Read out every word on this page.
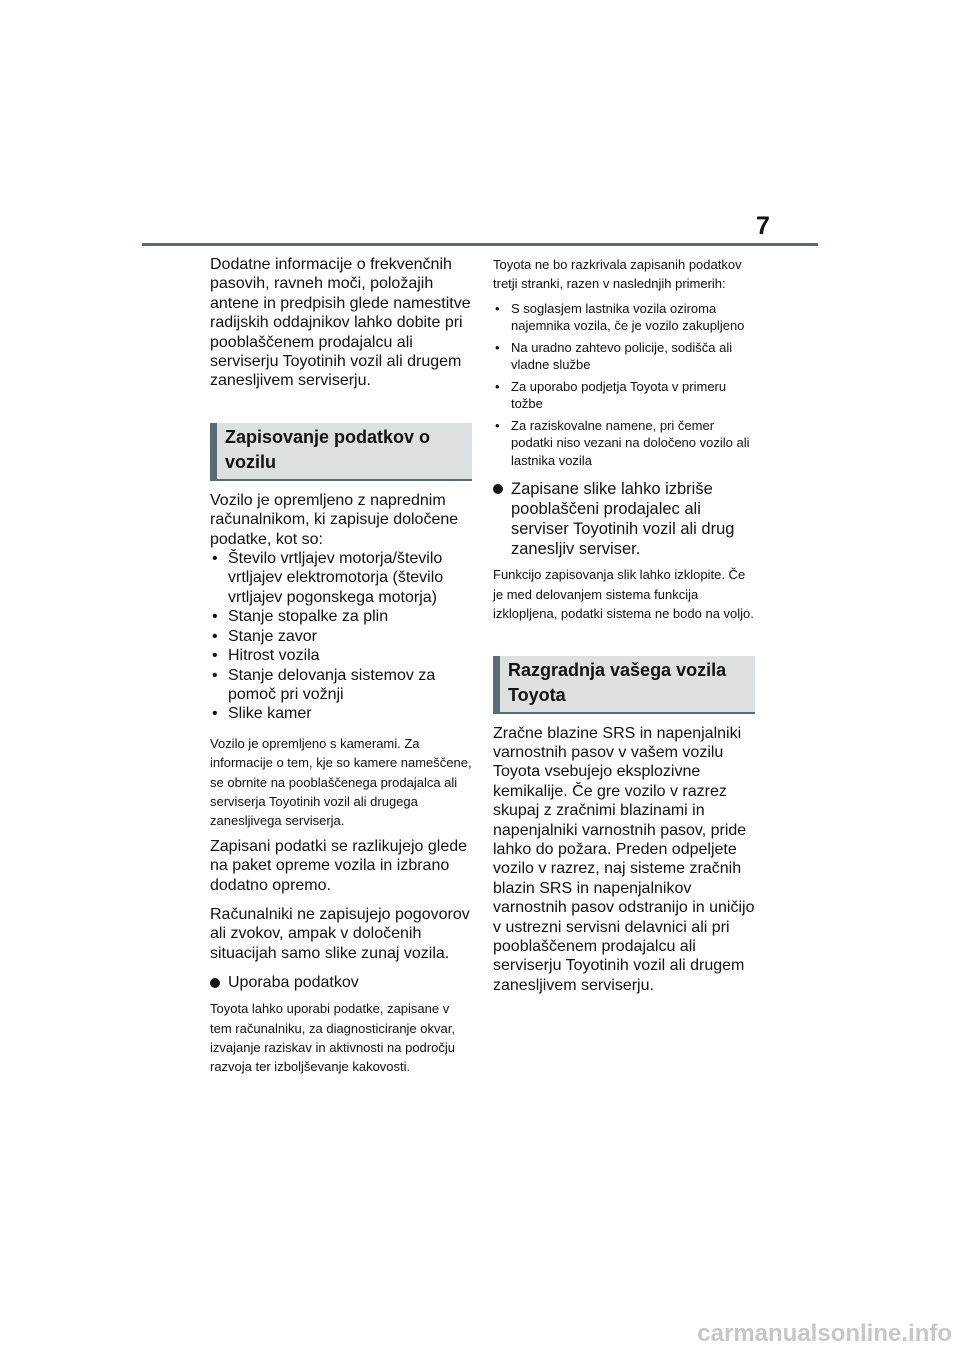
7

Dodatne informacije o frekvenčnih pasovih, ravneh moči, položajih antene in predpisih glede namestitve radijskih oddajnikov lahko dobite pri pooblaščenem prodajalcu ali serviserju Toyotinih vozil ali drugem zanesljivem serviserju.

Zapisovanje podatkov o vozilu

Vozilo je opremljeno z naprednim računalnikom, ki zapisuje določene podatke, kot so:

• Število vrtljajev motorja/število vrtljajev elektromotorja (število vrtljajev pogonskega motorja)
• Stanje stopalke za plin
• Stanje zavor
• Hitrost vozila
• Stanje delovanja sistemov za pomoč pri vožnji
• Slike kamer

Vozilo je opremljeno s kamerami. Za informacije o tem, kje so kamere nameščene, se obrnite na pooblaščenega prodajalca ali serviserja Toyotinih vozil ali drugega zanesljivega serviserja.

Zapisani podatki se razlikujejo glede na paket opreme vozila in izbrano dodatno opremo.

Računalniki ne zapisujejo pogovorov ali zvokov, ampak v določenih situacijah samo slike zunaj vozila.

Uporaba podatkov

Toyota lahko uporabi podatke, zapisane v tem računalniku, za diagnosticiranje okvar, izvajanje raziskav in aktivnosti na področju razvoja ter izboljševanje kakovosti.

Toyota ne bo razkrivala zapisanih podatkov tretji stranki, razen v naslednjih primerih:

• S soglasjem lastnika vozila oziroma najemnika vozila, če je vozilo zakupljeno
• Na uradno zahtevo policije, sodišča ali vladne službe
• Za uporabo podjetja Toyota v primeru tožbe
• Za raziskovalne namene, pri čemer podatki niso vezani na določeno vozilo ali lastnika vozila
Zapisane slike lahko izbriše pooblaščeni prodajalec ali serviser Toyotinih vozil ali drug zanesljiv serviser.

Funkcijo zapisovanja slik lahko izklopite. Če je med delovanjem sistema funkcija izklopljena, podatki sistema ne bodo na voljo.

Razgradnja vašega vozila Toyota

Zračne blazine SRS in napenjalniki varnostnih pasov v vašem vozilu Toyota vsebujejo eksplozivne kemikalije. Če gre vozilo v razrez skupaj z zračnimi blazinami in napenjalniki varnostnih pasov, pride lahko do požara. Preden odpeljete vozilo v razrez, naj sisteme zračnih blazin SRS in napenjalnikov varnostnih pasov odstranijo in uničijo v ustrezni servisni delavnici ali pri pooblaščenem prodajalcu ali serviserju Toyotinih vozil ali drugem zanesljivem serviserju.

carmanualsonline.info
